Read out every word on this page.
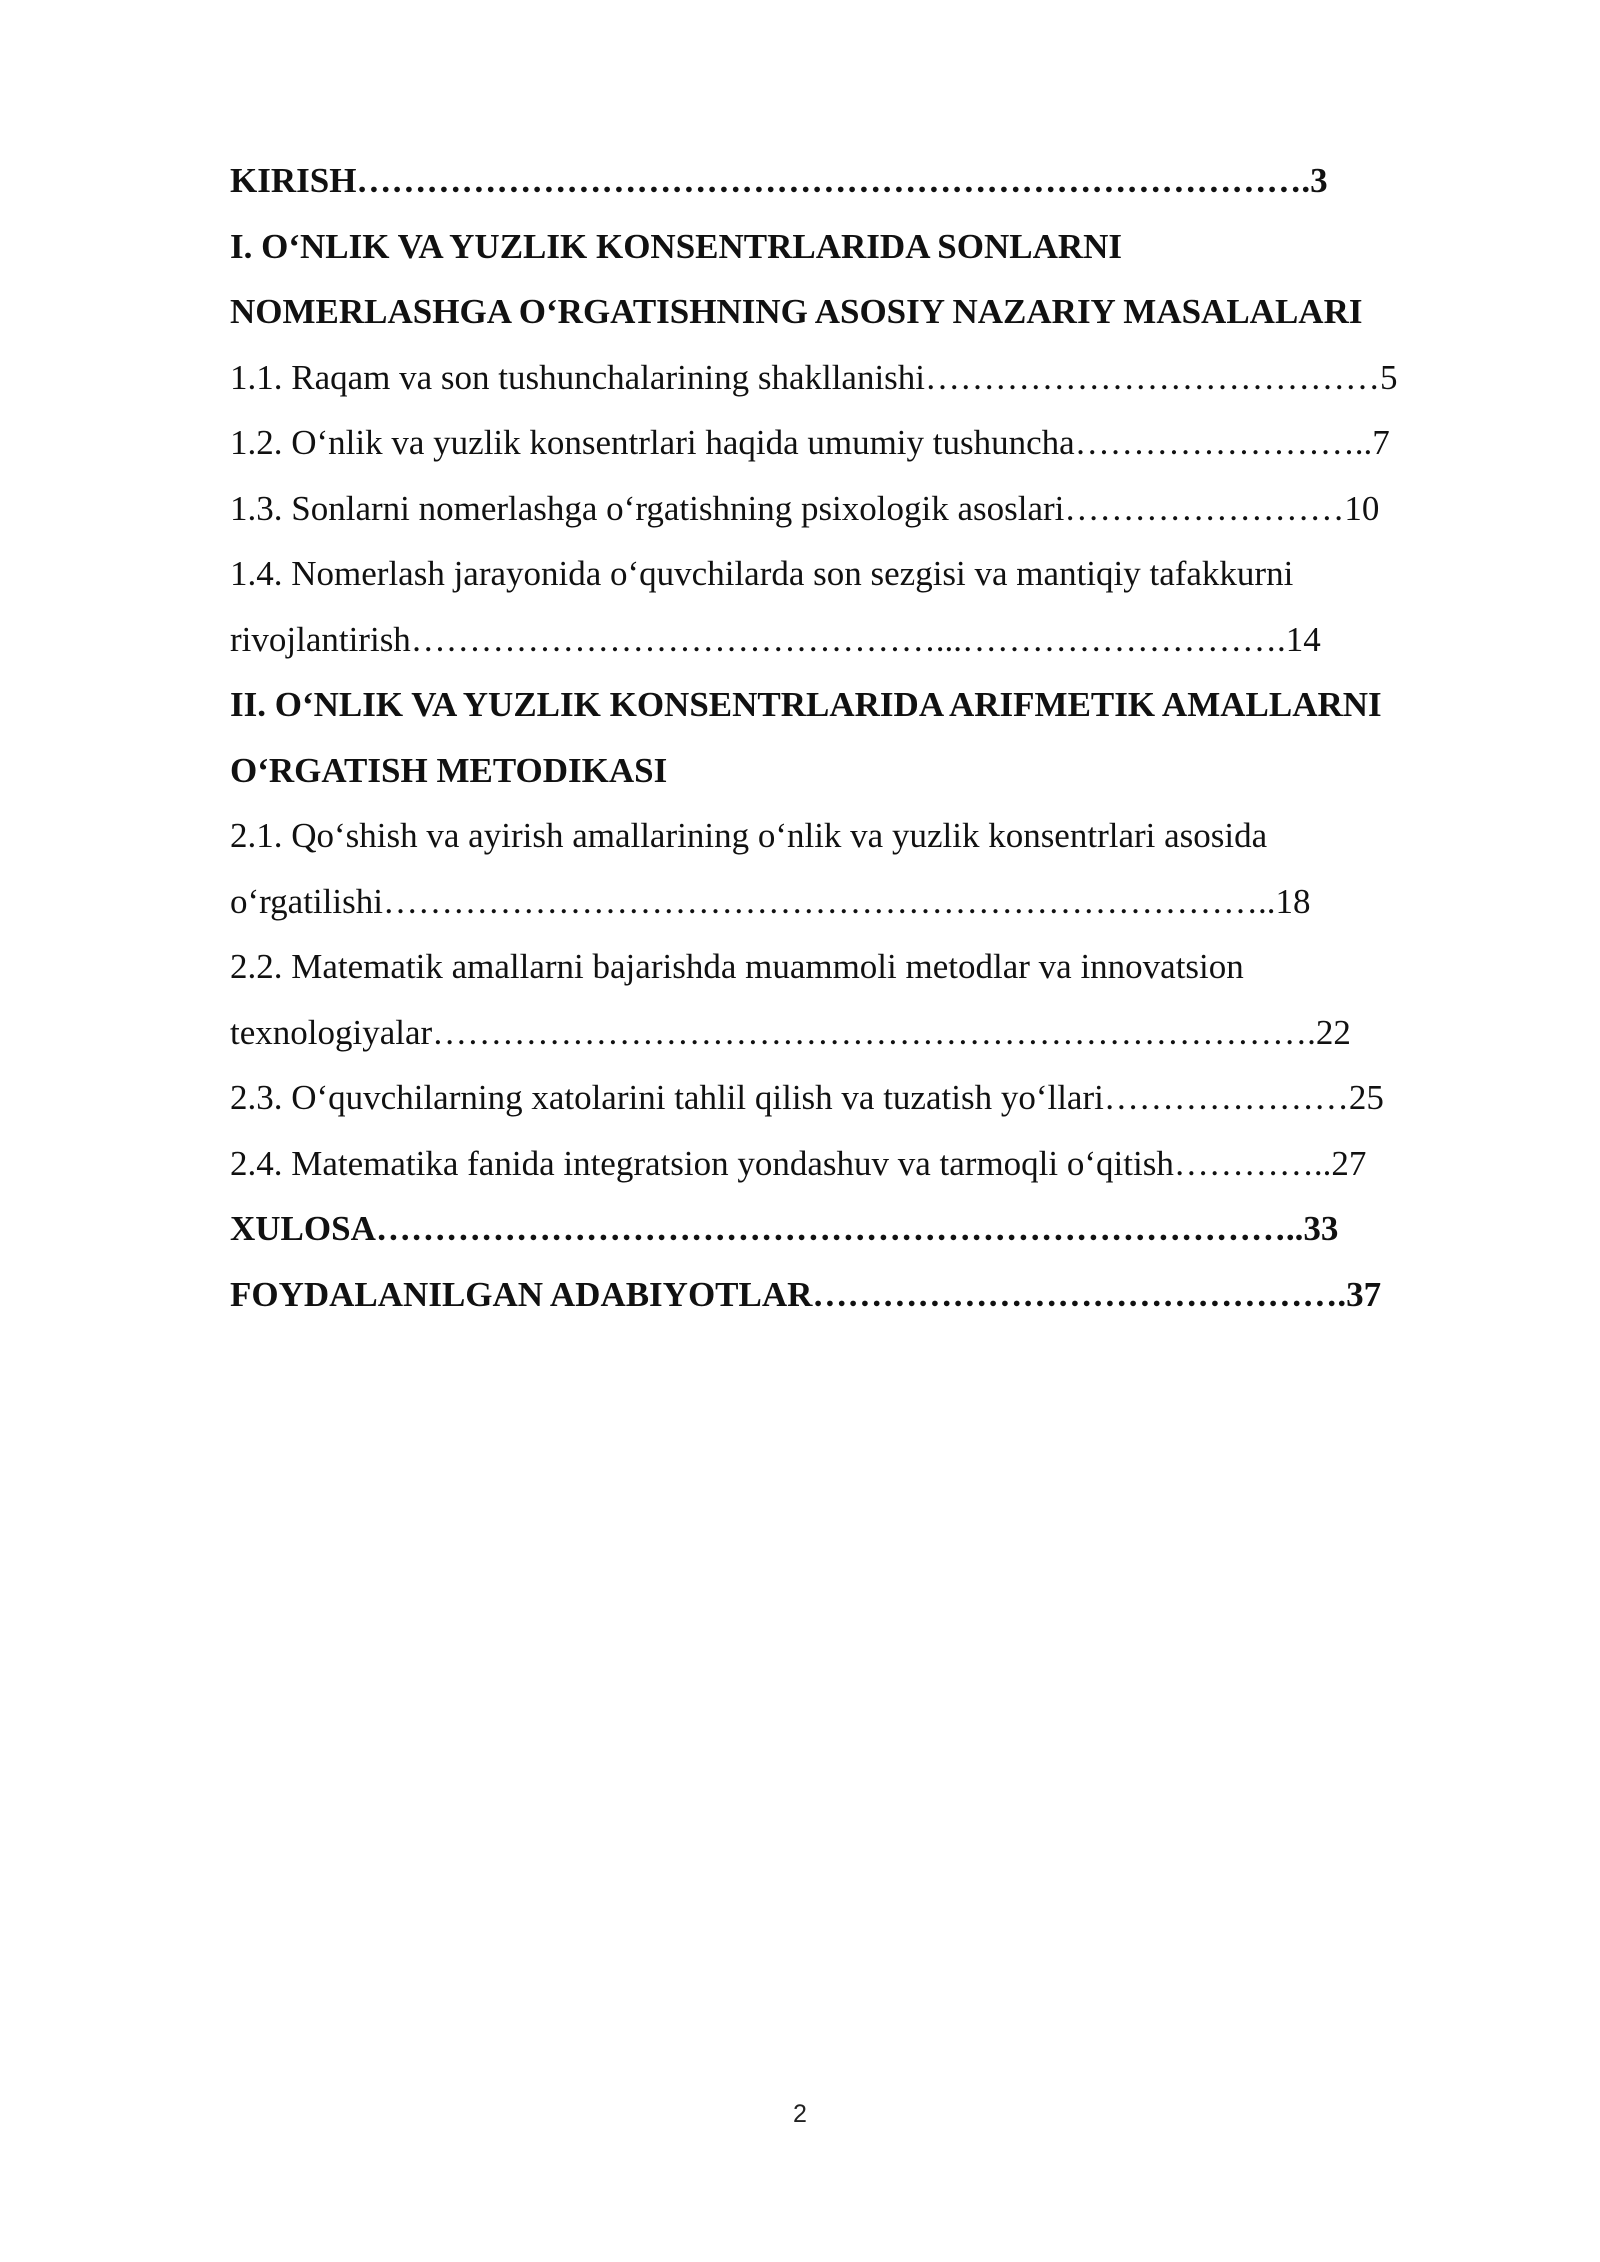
KIRISH……………………………………………………………………….3
I. O‘NLIK VA YUZLIK KONSENTRLARIDA SONLARNI
NOMERLASHGA O‘RGATISHNING ASOSIY NAZARIY MASALALARI
1.1. Raqam va son tushunchalarining shakllanishi…………………………………5
1.2. O‘nlik va yuzlik konsentrlari haqida umumiy tushuncha……………………..7
1.3. Sonlarni nomerlashga o‘rgatishning psixologik asoslari……………………10
1.4. Nomerlash jarayonida o‘quvchilarda son sezgisi va mantiqiy tafakkurni
rivojlantirish………………………………………...……………………….14
II. O‘NLIK VA YUZLIK KONSENTRLARIDA ARIFMETIK AMALLARNI
O‘RGATISH METODIKASI
2.1. Qo‘shish va ayirish amallarining o‘nlik va yuzlik konsentrlari asosida
o‘rgatilishi…………………………………………………………………..18
2.2. Matematik amallarni bajarishda muammoli metodlar va innovatsion
texnologiyalar………………………………………………………………….22
2.3. O‘quvchilarning xatolarini tahlil qilish va tuzatish yo‘llari…………………25
2.4. Matematika fanida integratsion yondashuv va tarmoqli o‘qitish…………..27
XULOSA……………………………………………………………………..33
FOYDALANILGAN ADABIYOTLAR……………………………………….37
2
